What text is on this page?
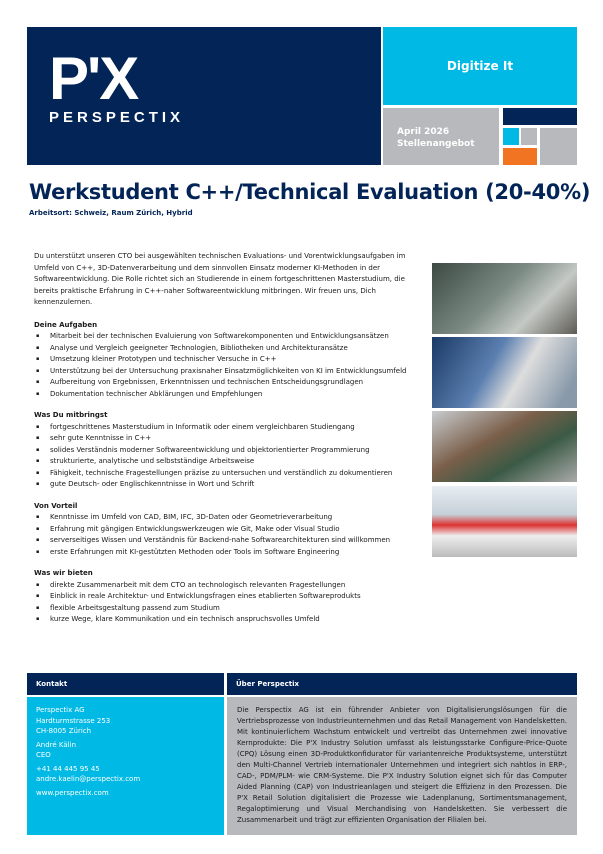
P'X
PERSPECTIX
Digitize It
April 2026
Stellenangebot
Werkstudent C++/Technical Evaluation (20-40%)
Arbeitsort: Schweiz, Raum Zürich, Hybrid

Du unterstützt unseren CTO bei ausgewählten technischen Evaluations- und Vorentwicklungsaufgaben im Umfeld von C++, 3D-Datenverarbeitung und dem sinnvollen Einsatz moderner KI-Methoden in der Softwareentwicklung. Die Rolle richtet sich an Studierende in einem fortgeschrittenen Masterstudium, die bereits praktische Erfahrung in C++-naher Softwareentwicklung mitbringen. Wir freuen uns, Dich kennenzulernen.

Deine Aufgaben
▪ Mitarbeit bei der technischen Evaluierung von Softwarekomponenten und Entwicklungsansätzen
▪ Analyse und Vergleich geeigneter Technologien, Bibliotheken und Architekturansätze
▪ Umsetzung kleiner Prototypen und technischer Versuche in C++
▪ Unterstützung bei der Untersuchung praxisnaher Einsatzmöglichkeiten von KI im Entwicklungsumfeld
▪ Aufbereitung von Ergebnissen, Erkenntnissen und technischen Entscheidungsgrundlagen
▪ Dokumentation technischer Abklärungen und Empfehlungen
Was Du mitbringst
▪ fortgeschrittenes Masterstudium in Informatik oder einem vergleichbaren Studiengang
▪ sehr gute Kenntnisse in C++
▪ solides Verständnis moderner Softwareentwicklung und objektorientierter Programmierung
▪ strukturierte, analytische und selbstständige Arbeitsweise
▪ Fähigkeit, technische Fragestellungen präzise zu untersuchen und verständlich zu dokumentieren
▪ gute Deutsch- oder Englischkenntnisse in Wort und Schrift
Von Vorteil
▪ Kenntnisse im Umfeld von CAD, BIM, IFC, 3D-Daten oder Geometrieverarbeitung
▪ Erfahrung mit gängigen Entwicklungswerkzeugen wie Git, Make oder Visual Studio
▪ serverseitiges Wissen und Verständnis für Backend-nahe Softwarearchitekturen sind willkommen
▪ erste Erfahrungen mit KI-gestützten Methoden oder Tools im Software Engineering
Was wir bieten
▪ direkte Zusammenarbeit mit dem CTO an technologisch relevanten Fragestellungen
▪ Einblick in reale Architektur- und Entwicklungsfragen eines etablierten Softwareprodukts
▪ flexible Arbeitsgestaltung passend zum Studium
▪ kurze Wege, klare Kommunikation und ein technisch anspruchsvolles Umfeld
Kontakt	Über Perspectix
Perspectix AG
Hardturmstrasse 253
CH-8005 Zürich
André Kälin
CEO
+41 44 445 95 45
andre.kaelin@perspectix.com
www.perspectix.com
Die Perspectix AG ist ein führender Anbieter von Digitalisierungslösungen für die Vertriebsprozesse von Industrieunternehmen und das Retail Management von Handelsketten. Mit kontinuierlichem Wachstum entwickelt und vertreibt das Unternehmen zwei innovative Kernprodukte: Die P'X Industry Solution umfasst als leistungsstarke Configure-Price-Quote (CPQ) Lösung einen 3D-Produktkonfidurator für variantenreiche Produktsysteme, unterstützt den Multi-Channel Vertrieb internationaler Unternehmen und integriert sich nahtlos in ERP-, CAD-, PDM/PLM- wie CRM-Systeme. Die P'X Industry Solution eignet sich für das Computer Aided Planning (CAP) von Industrieanlagen und steigert die Effizienz in den Prozessen. Die P'X Retail Solution digitalisiert die Prozesse wie Ladenplanung, Sortimentsmanagement, Regaloptimierung und Visual Merchandising von Handelsketten. Sie verbessert die Zusammenarbeit und trägt zur effizienten Organisation der Filialen bei.
